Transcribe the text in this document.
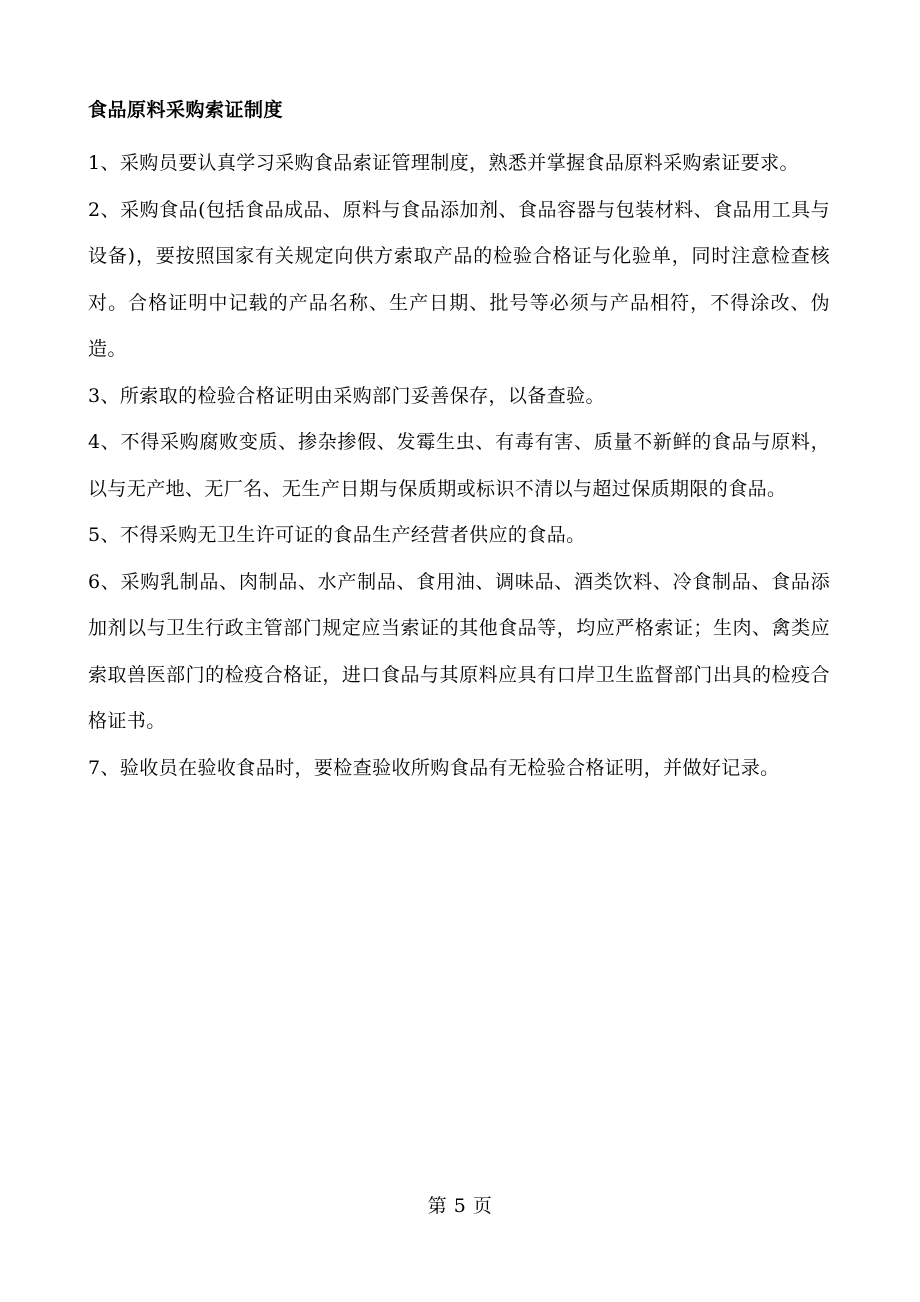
食品原料采购索证制度

1、采购员要认真学习采购食品索证管理制度，熟悉并掌握食品原料采购索证要求。

2、采购食品(包括食品成品、原料与食品添加剂、食品容器与包装材料、食品用工具与设备)，要按照国家有关规定向供方索取产品的检验合格证与化验单，同时注意检查核对。合格证明中记载的产品名称、生产日期、批号等必须与产品相符，不得涂改、伪造。

3、所索取的检验合格证明由采购部门妥善保存，以备查验。

4、不得采购腐败变质、掺杂掺假、发霉生虫、有毒有害、质量不新鲜的食品与原料，以与无产地、无厂名、无生产日期与保质期或标识不清以与超过保质期限的食品。

5、不得采购无卫生许可证的食品生产经营者供应的食品。

6、采购乳制品、肉制品、水产制品、食用油、调味品、酒类饮料、冷食制品、食品添加剂以与卫生行政主管部门规定应当索证的其他食品等，均应严格索证；生肉、禽类应索取兽医部门的检疫合格证，进口食品与其原料应具有口岸卫生监督部门出具的检疫合格证书。

7、验收员在验收食品时，要检查验收所购食品有无检验合格证明，并做好记录。

第 5 页
